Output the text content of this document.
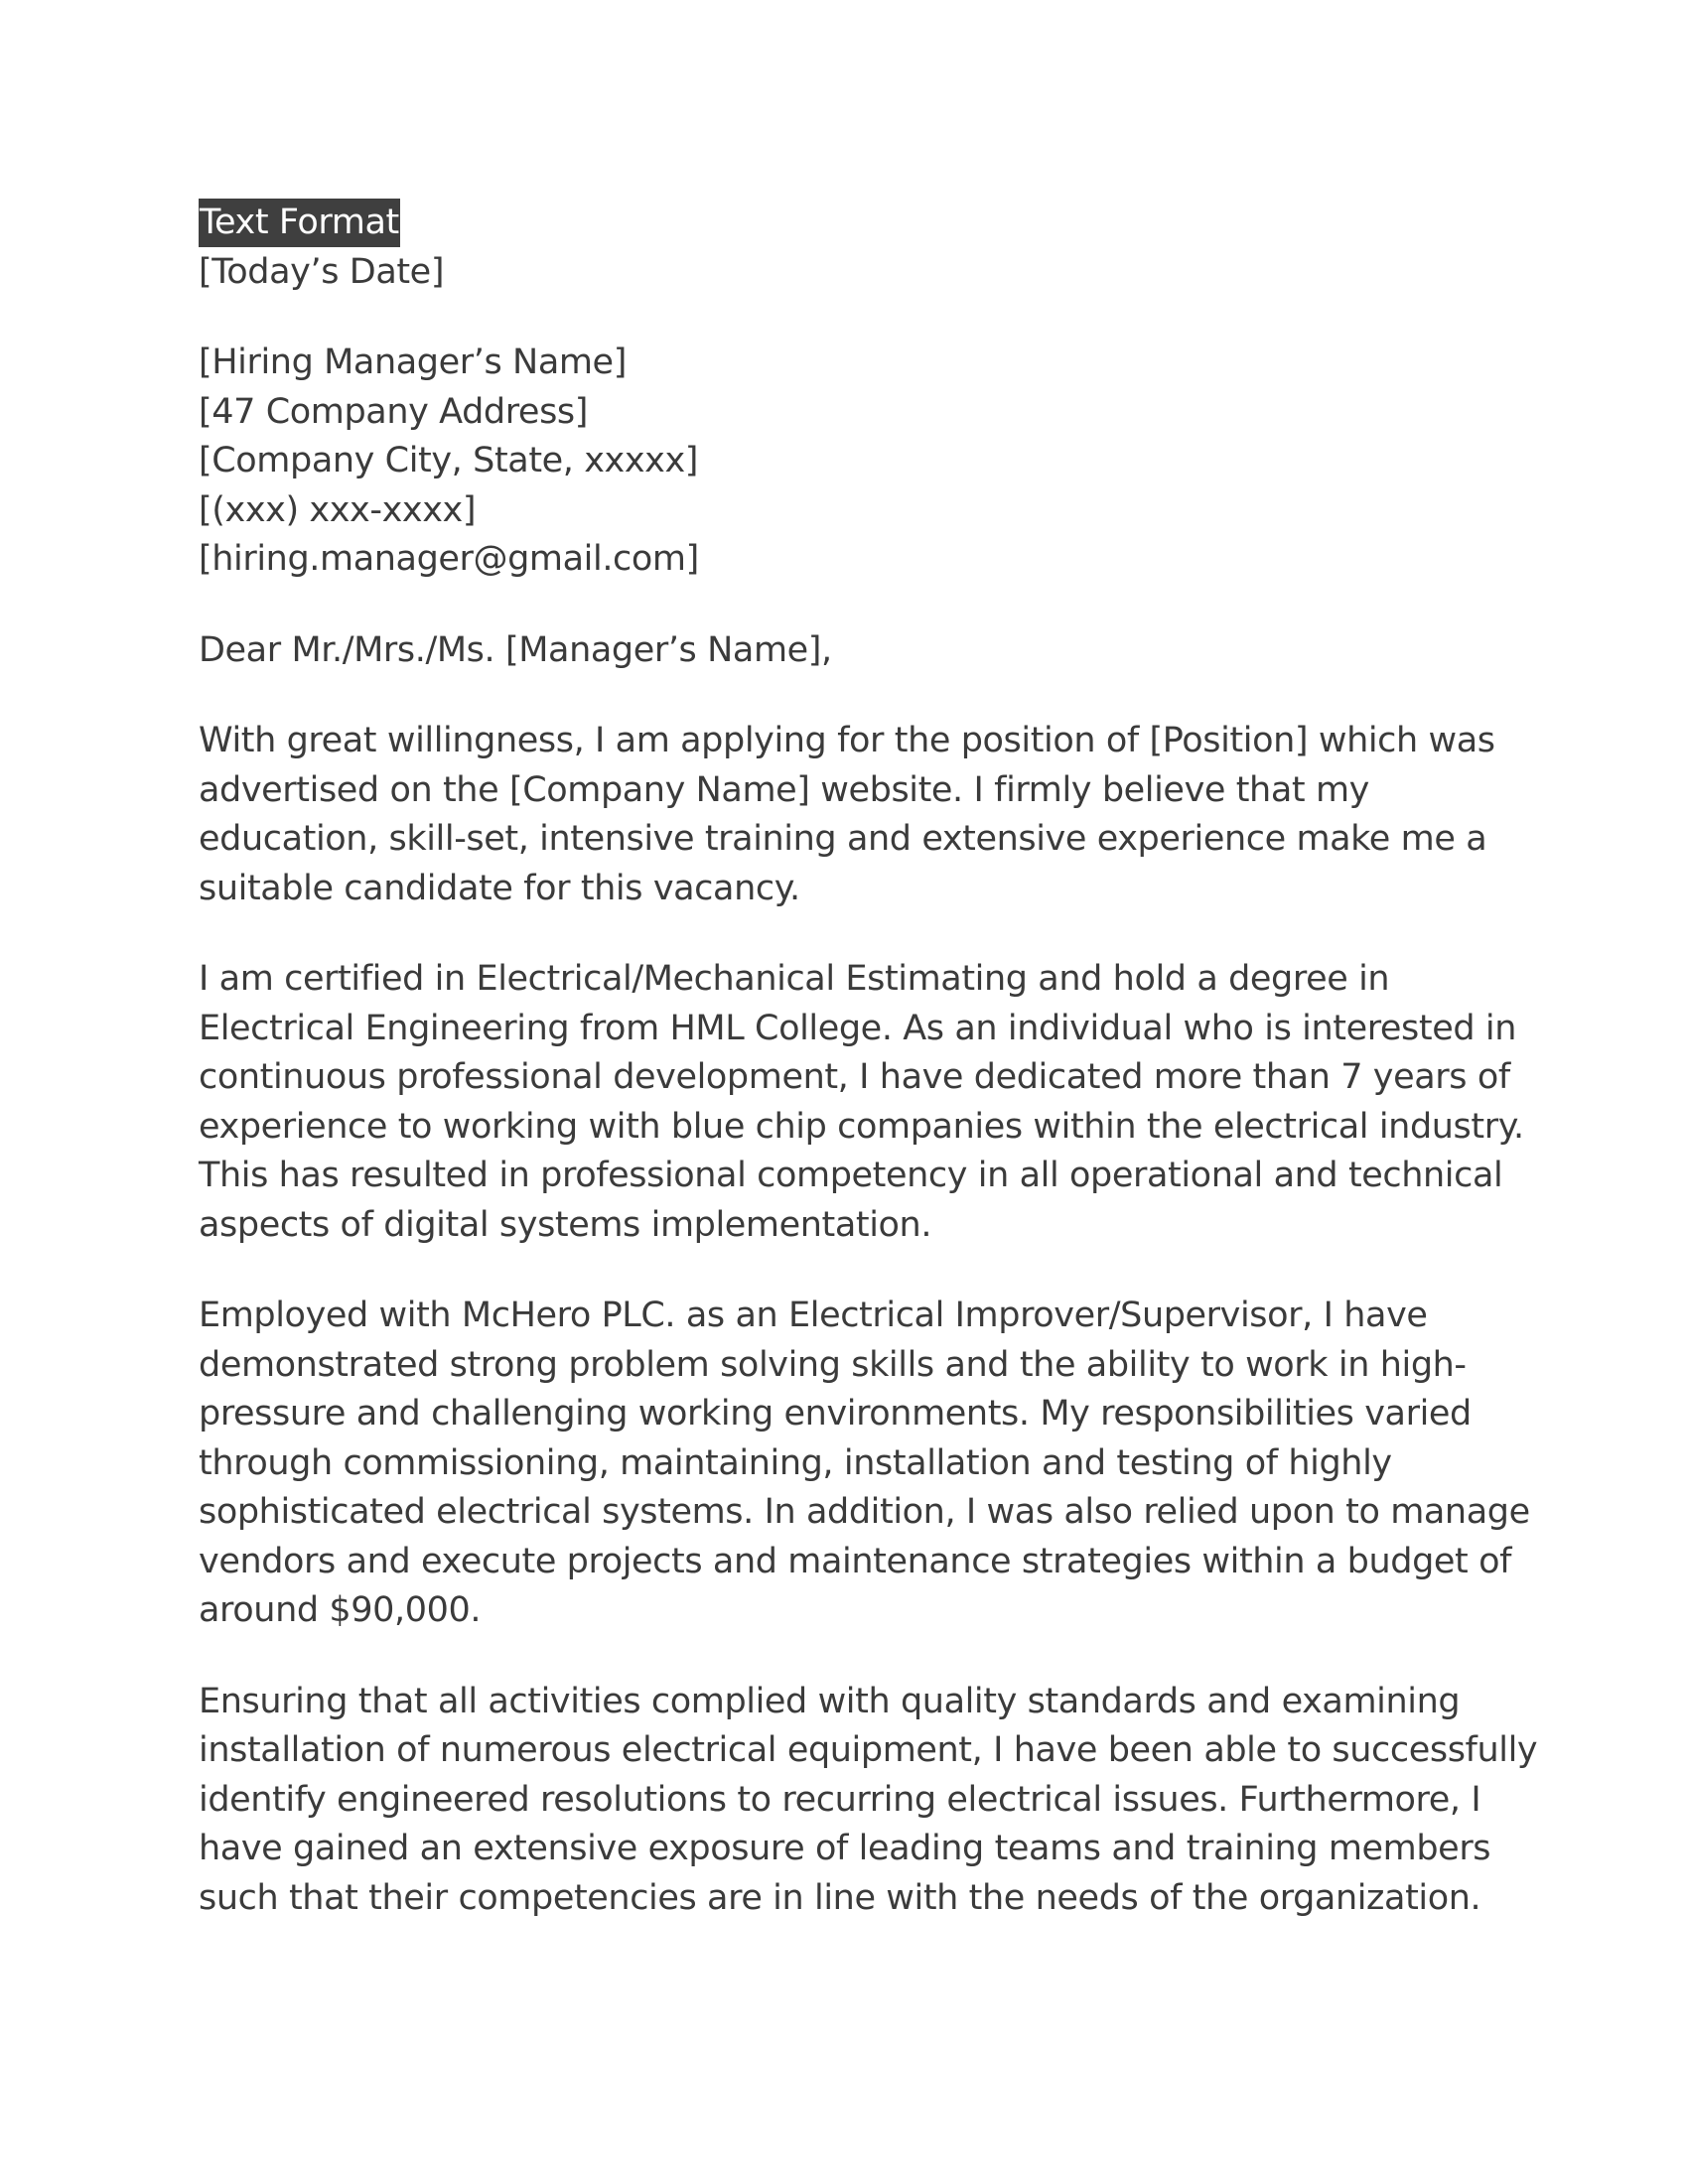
Text Format
[Today’s Date]
[Hiring Manager’s Name]
[47 Company Address]
[Company City, State, xxxxx]
[(xxx) xxx-xxxx]
[hiring.manager@gmail.com]
Dear Mr./Mrs./Ms. [Manager’s Name],

With great willingness, I am applying for the position of [Position] which was
advertised on the [Company Name] website. I firmly believe that my
education, skill-set, intensive training and extensive experience make me a
suitable candidate for this vacancy.

I am certified in Electrical/Mechanical Estimating and hold a degree in
Electrical Engineering from HML College. As an individual who is interested in
continuous professional development, I have dedicated more than 7 years of
experience to working with blue chip companies within the electrical industry.
This has resulted in professional competency in all operational and technical
aspects of digital systems implementation.

Employed with McHero PLC. as an Electrical Improver/Supervisor, I have
demonstrated strong problem solving skills and the ability to work in high-
pressure and challenging working environments. My responsibilities varied
through commissioning, maintaining, installation and testing of highly
sophisticated electrical systems. In addition, I was also relied upon to manage
vendors and execute projects and maintenance strategies within a budget of
around $90,000.

Ensuring that all activities complied with quality standards and examining
installation of numerous electrical equipment, I have been able to successfully
identify engineered resolutions to recurring electrical issues. Furthermore, I
have gained an extensive exposure of leading teams and training members
such that their competencies are in line with the needs of the organization.
